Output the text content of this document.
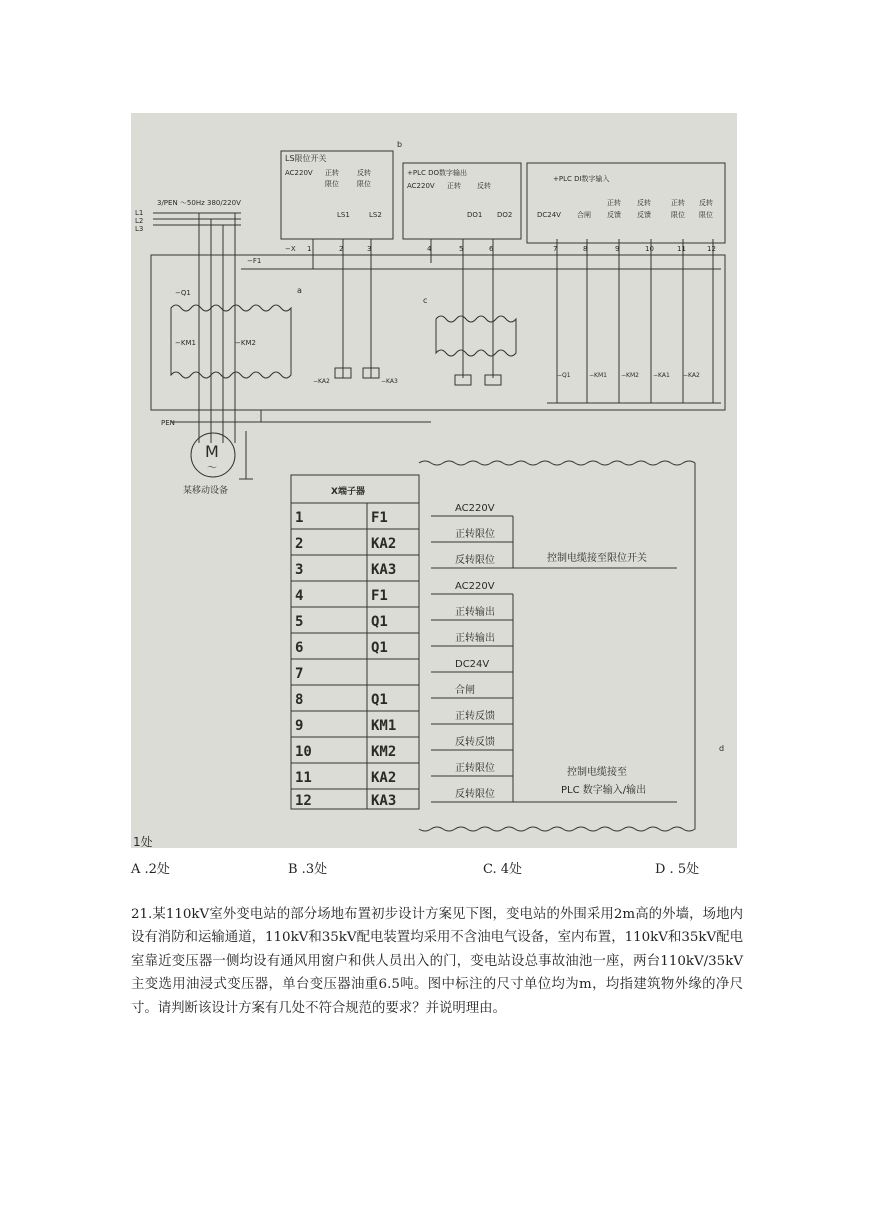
3/PEN ～50Hz 380/220V
L1
L2
L3
LS限位开关
AC220V 正转
限位
反转
限位
LS1	LS2
+PLC DO数字输出
AC220V 正转 反转
DO1 DO2
+PLC DI数字输入
DC24V 合闸
正转
反馈
反转
反馈
正转
限位
反转
限位
b
a
c
d
−X 1	2	3	4	5	6	7	8	9	10	11	12
−F1
−Q1
−KM1	−KM2
−KA2	−KA3
−Q1	−KM1 −KM2 −KA1 −KA2
PEN
M
～
某移动设备	X端子器
1	F1
AC220V
2	KA2
正转限位
3	KA3
反转限位
4	F1
AC220V
5	Q1
正转输出
6	Q1
正转输出
7
DC24V
8	Q1
合闸
9	KM1
正转反馈
10	KM2
反转反馈
11	KA2
正转限位
12	KA3	反转限位
控制电缆接至限位开关
控制电缆接至
PLC 数字输入/输出
1处
A .2处	B .3处	C. 4处	D . 5处

21.某110kV室外变电站的部分场地布置初步设计方案见下图，变电站的外围采用2m高的外墙，场地内设有消防和运输通道，110kV和35kV配电装置均采用不含油电气设备，室内布置，110kV和35kV配电室靠近变压器一侧均设有通风用窗户和供人员出入的门，变电站设总事故油池一座，两台110kV/35kV主变选用油浸式变压器，单台变压器油重6.5吨。图中标注的尺寸单位均为m，均指建筑物外缘的净尺寸。请判断该设计方案有几处不符合规范的要求？并说明理由。
